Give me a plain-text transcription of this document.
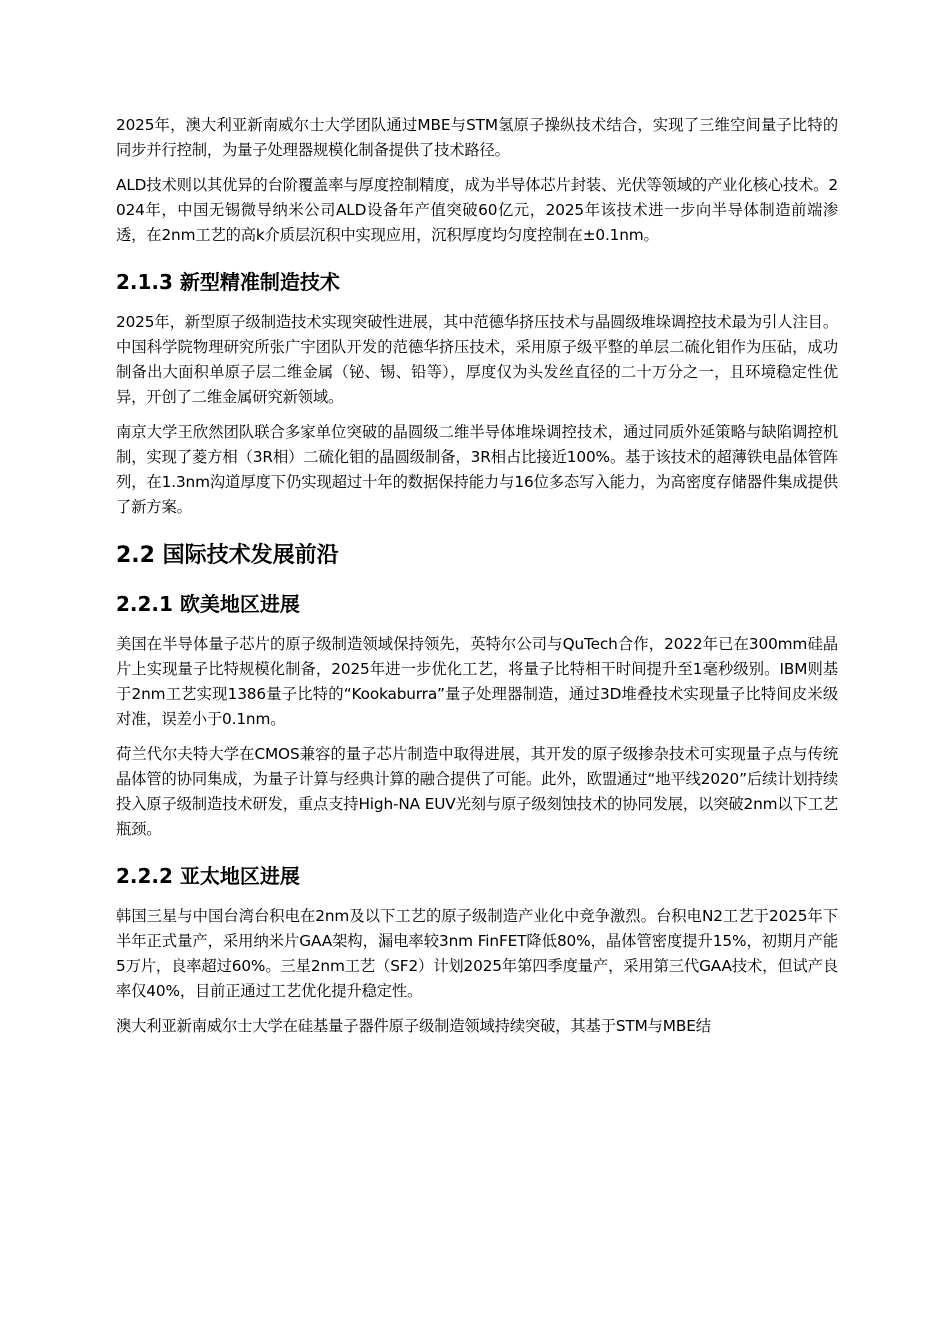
2025年，澳大利亚新南威尔士大学团队通过MBE与STM氢原子操纵技术结合，实现了三维空间量子比特的同步并行控制，为量子处理器规模化制备提供了技术路径。

ALD技术则以其优异的台阶覆盖率与厚度控制精度，成为半导体芯片封装、光伏等领域的产业化核心技术。2024年，中国无锡微导纳米公司ALD设备年产值突破60亿元，2025年该技术进一步向半导体制造前端渗透，在2nm工艺的高k介质层沉积中实现应用，沉积厚度均匀度控制在±0.1nm。

2.1.3 新型精准制造技术

2025年，新型原子级制造技术实现突破性进展，其中范德华挤压技术与晶圆级堆垛调控技术最为引人注目。中国科学院物理研究所张广宇团队开发的范德华挤压技术，采用原子级平整的单层二硫化钼作为压砧，成功制备出大面积单原子层二维金属（铋、锡、铅等），厚度仅为头发丝直径的二十万分之一，且环境稳定性优异，开创了二维金属研究新领域。

南京大学王欣然团队联合多家单位突破的晶圆级二维半导体堆垛调控技术，通过同质外延策略与缺陷调控机制，实现了菱方相（3R相）二硫化钼的晶圆级制备，3R相占比接近100%。基于该技术的超薄铁电晶体管阵列，在1.3nm沟道厚度下仍实现超过十年的数据保持能力与16位多态写入能力，为高密度存储器件集成提供了新方案。

2.2 国际技术发展前沿
2.2.1 欧美地区进展

美国在半导体量子芯片的原子级制造领域保持领先，英特尔公司与QuTech合作，2022年已在300mm硅晶片上实现量子比特规模化制备，2025年进一步优化工艺，将量子比特相干时间提升至1毫秒级别。IBM则基于2nm工艺实现1386量子比特的“Kookaburra”量子处理器制造，通过3D堆叠技术实现量子比特间皮米级对准，误差小于0.1nm。

荷兰代尔夫特大学在CMOS兼容的量子芯片制造中取得进展，其开发的原子级掺杂技术可实现量子点与传统晶体管的协同集成，为量子计算与经典计算的融合提供了可能。此外，欧盟通过“地平线2020”后续计划持续投入原子级制造技术研发，重点支持High-NA EUV光刻与原子级刻蚀技术的协同发展，以突破2nm以下工艺瓶颈。

2.2.2 亚太地区进展

韩国三星与中国台湾台积电在2nm及以下工艺的原子级制造产业化中竞争激烈。台积电N2工艺于2025年下半年正式量产，采用纳米片GAA架构，漏电率较3nm FinFET降低80%，晶体管密度提升15%，初期月产能5万片，良率超过60%。三星2nm工艺（SF2）计划2025年第四季度量产，采用第三代GAA技术，但试产良率仅40%，目前正通过工艺优化提升稳定性。

澳大利亚新南威尔士大学在硅基量子器件原子级制造领域持续突破，其基于STM与MBE结
